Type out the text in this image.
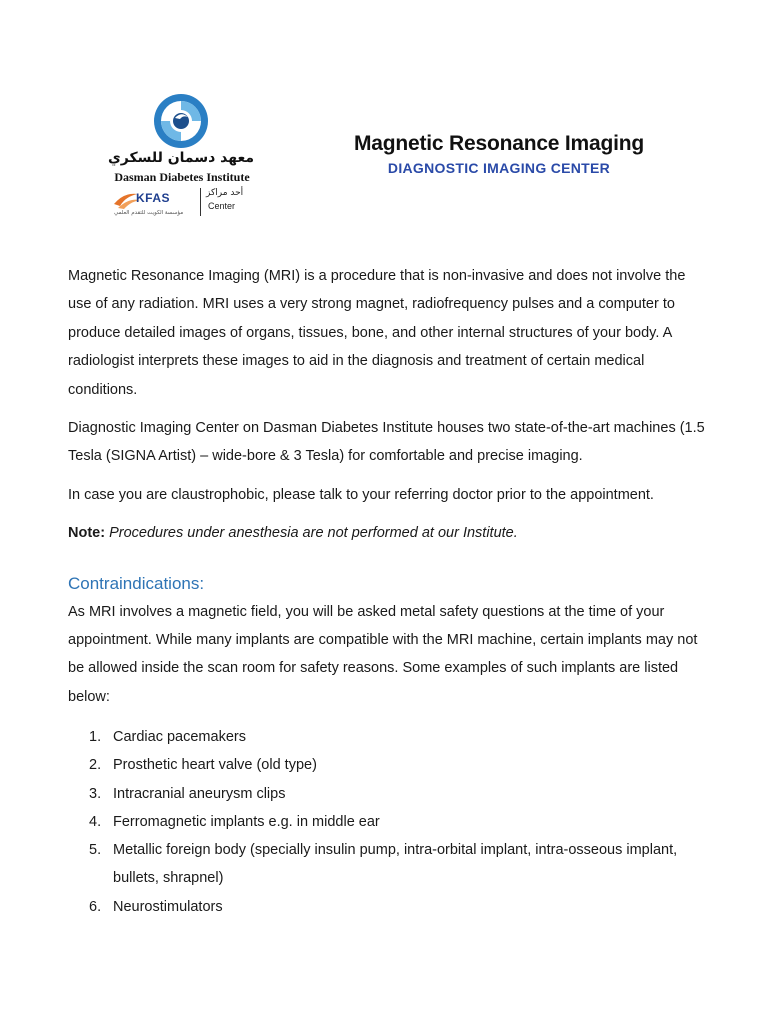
معهد دسمان للسكري
Dasman Diabetes Institute
KFAS
مؤسسة الكويت للتقدم العلمي
أحد مراكز
Center
Magnetic Resonance Imaging
DIAGNOSTIC IMAGING CENTER

Magnetic Resonance Imaging (MRI) is a procedure that is non-invasive and does not involve the use of any radiation. MRI uses a very strong magnet, radiofrequency pulses and a computer to produce detailed images of organs, tissues, bone, and other internal structures of your body. A radiologist interprets these images to aid in the diagnosis and treatment of certain medical conditions.

Diagnostic Imaging Center on Dasman Diabetes Institute houses two state-of-the-art machines (1.5 Tesla (SIGNA Artist) – wide-bore & 3 Tesla) for comfortable and precise imaging.

In case you are claustrophobic, please talk to your referring doctor prior to the appointment.

Note: Procedures under anesthesia are not performed at our Institute.

Contraindications:

As MRI involves a magnetic field, you will be asked metal safety questions at the time of your appointment. While many implants are compatible with the MRI machine, certain implants may not be allowed inside the scan room for safety reasons. Some examples of such implants are listed below:

1. Cardiac pacemakers
2. Prosthetic heart valve (old type)
3. Intracranial aneurysm clips
4. Ferromagnetic implants e.g. in middle ear
5. Metallic foreign body (specially insulin pump, intra-orbital implant, intra-osseous implant, bullets, shrapnel)
6. Neurostimulators
